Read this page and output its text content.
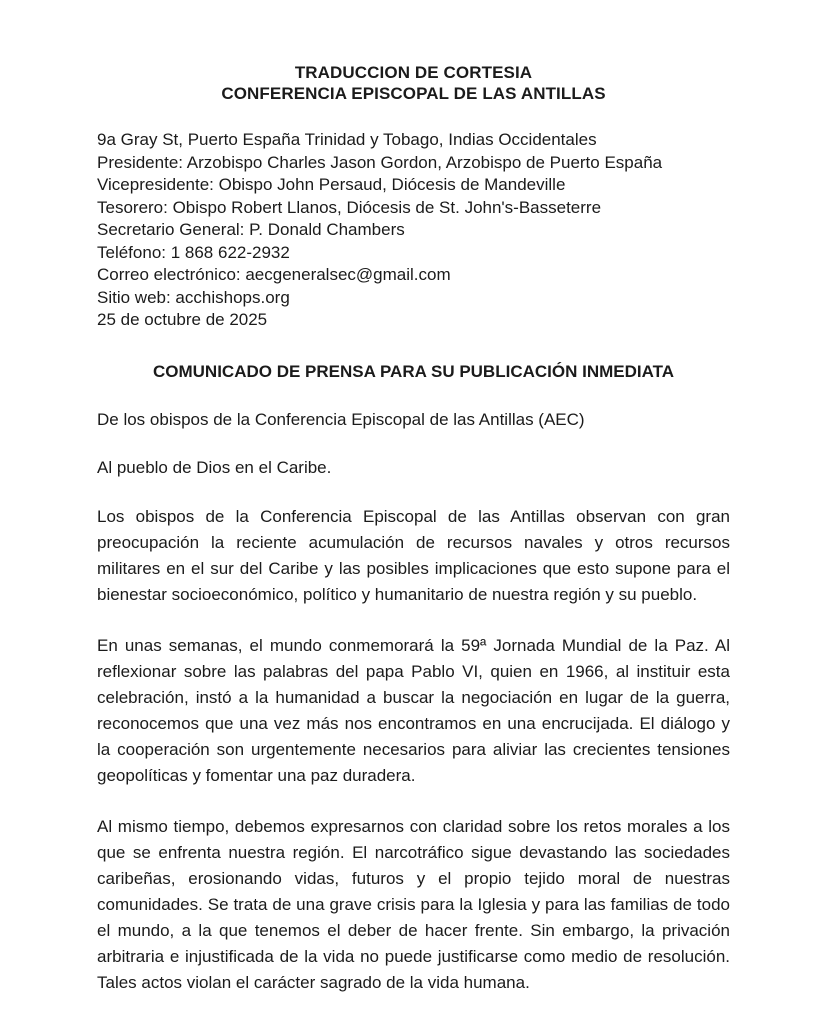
TRADUCCION DE CORTESIA
CONFERENCIA EPISCOPAL DE LAS ANTILLAS
9a Gray St, Puerto España Trinidad y Tobago, Indias Occidentales
Presidente: Arzobispo Charles Jason Gordon, Arzobispo de Puerto España
Vicepresidente: Obispo John Persaud, Diócesis de Mandeville
Tesorero: Obispo Robert Llanos, Diócesis de St. John's-Basseterre
Secretario General: P. Donald Chambers
Teléfono: 1 868 622-2932
Correo electrónico: aecgeneralsec@gmail.com
Sitio web: acchishops.org
25 de octubre de 2025
COMUNICADO DE PRENSA PARA SU PUBLICACIÓN INMEDIATA

De los obispos de la Conferencia Episcopal de las Antillas (AEC)

Al pueblo de Dios en el Caribe.

Los obispos de la Conferencia Episcopal de las Antillas observan con gran preocupación la reciente acumulación de recursos navales y otros recursos militares en el sur del Caribe y las posibles implicaciones que esto supone para el bienestar socioeconómico, político y humanitario de nuestra región y su pueblo.

En unas semanas, el mundo conmemorará la 59ª Jornada Mundial de la Paz. Al reflexionar sobre las palabras del papa Pablo VI, quien en 1966, al instituir esta celebración, instó a la humanidad a buscar la negociación en lugar de la guerra, reconocemos que una vez más nos encontramos en una encrucijada. El diálogo y la cooperación son urgentemente necesarios para aliviar las crecientes tensiones geopolíticas y fomentar una paz duradera.

Al mismo tiempo, debemos expresarnos con claridad sobre los retos morales a los que se enfrenta nuestra región. El narcotráfico sigue devastando las sociedades caribeñas, erosionando vidas, futuros y el propio tejido moral de nuestras comunidades. Se trata de una grave crisis para la Iglesia y para las familias de todo el mundo, a la que tenemos el deber de hacer frente. Sin embargo, la privación arbitraria e injustificada de la vida no puede justificarse como medio de resolución. Tales actos violan el carácter sagrado de la vida humana.
